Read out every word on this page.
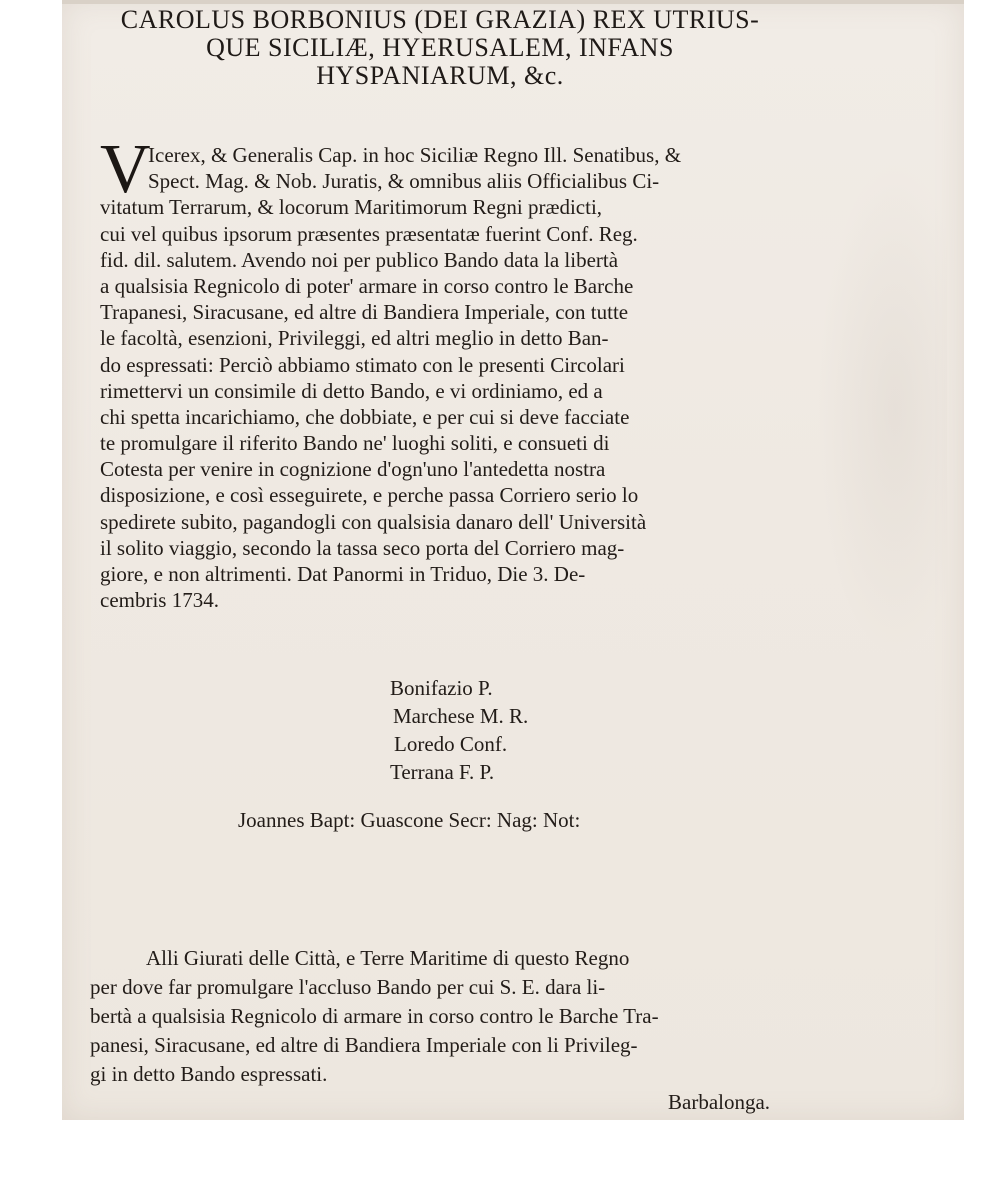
CAROLUS BORBONIUS (DEI GRAZIA) REX UTRIUS-
QUE SICILIÆ, HYERUSALEM, INFANS
HYSPANIARUM, &c.
V
Icerex, & Generalis Cap. in hoc Siciliæ Regno Ill. Senatibus, &
Spect. Mag. & Nob. Juratis, & omnibus aliis Officialibus Ci-
vitatum Terrarum, & locorum Maritimorum Regni prædicti,
cui vel quibus ipsorum præsentes præsentatæ fuerint Conf. Reg.
fid. dil. salutem. Avendo noi per publico Bando data la libertà
a qualsisia Regnicolo di poter' armare in corso contro le Barche
Trapanesi, Siracusane, ed altre di Bandiera Imperiale, con tutte
le facoltà, esenzioni, Privileggi, ed altri meglio in detto Ban-
do espressati: Perciò abbiamo stimato con le presenti Circolari
rimettervi un consimile di detto Bando, e vi ordiniamo, ed a
chi spetta incarichiamo, che dobbiate, e per cui si deve facciate
te promulgare il riferito Bando ne' luoghi soliti, e consueti di
Cotesta per venire in cognizione d'ogn'uno l'antedetta nostra
disposizione, e così esseguirete, e perche passa Corriero serio lo
spedirete subito, pagandogli con qualsisia danaro dell' Università
il solito viaggio, secondo la tassa seco porta del Corriero mag-
giore, e non altrimenti. Dat Panormi in Triduo, Die 3. De-
cembris 1734.
Bonifazio P.
Marchese M. R.
Loredo Conf.
Terrana F. P.
Joannes Bapt: Guascone Secr: Nag: Not:
Alli Giurati delle Città, e Terre Maritime di questo Regno
per dove far promulgare l'accluso Bando per cui S. E. dara li-
bertà a qualsisia Regnicolo di armare in corso contro le Barche Tra-
panesi, Siracusane, ed altre di Bandiera Imperiale con li Privileg-
gi in detto Bando espressati.
Barbalonga.
